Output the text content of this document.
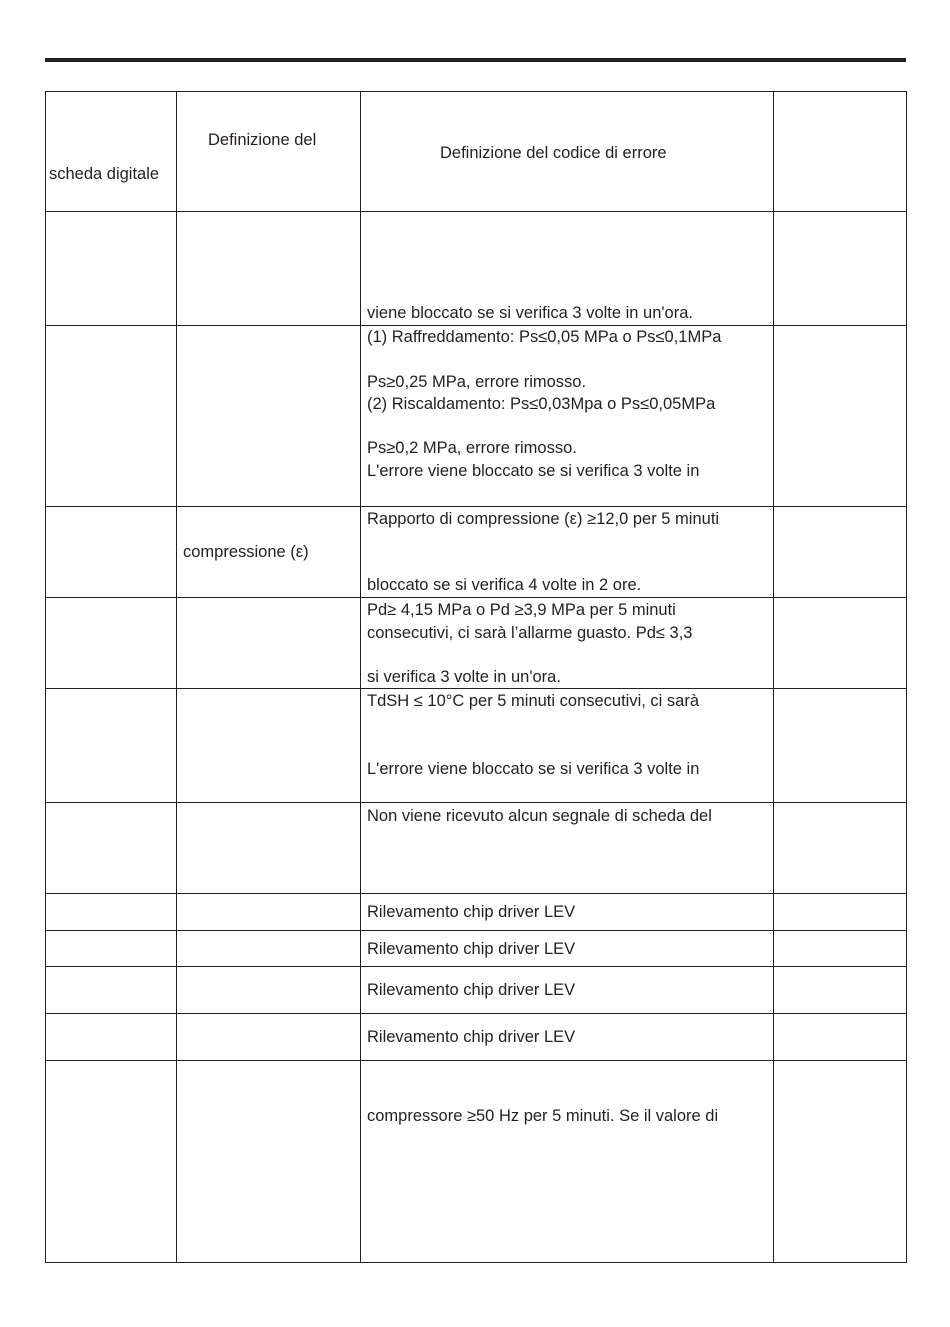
scheda digitale	Definizione del	Definizione del codice di errore	

		viene bloccato se si verifica 3 volte in un'ora.	

		(1) Raffreddamento: Ps≤0,05 MPa o Ps≤0,1MPa
Ps≥0,25 MPa, errore rimosso.
(2) Riscaldamento: Ps≤0,03Mpa o Ps≤0,05MPa
Ps≥0,2 MPa, errore rimosso.
L'errore viene bloccato se si verifica 3 volte in	

	compressione (ε)	Rapporto di compressione (ε) ≥12,0 per 5 minuti
bloccato se si verifica 4 volte in 2 ore.	

		Pd≥ 4,15 MPa o Pd ≥3,9 MPa per 5 minuti
consecutivi, ci sarà l’allarme guasto. Pd≤ 3,3
si verifica 3 volte in un'ora.	

		TdSH ≤ 10°C per 5 minuti consecutivi, ci sarà
L'errore viene bloccato se si verifica 3 volte in	

		Non viene ricevuto alcun segnale di scheda del	

		Rilevamento chip driver LEV	

		Rilevamento chip driver LEV	

		Rilevamento chip driver LEV	

		Rilevamento chip driver LEV	

		compressore ≥50 Hz per 5 minuti. Se il valore di	
